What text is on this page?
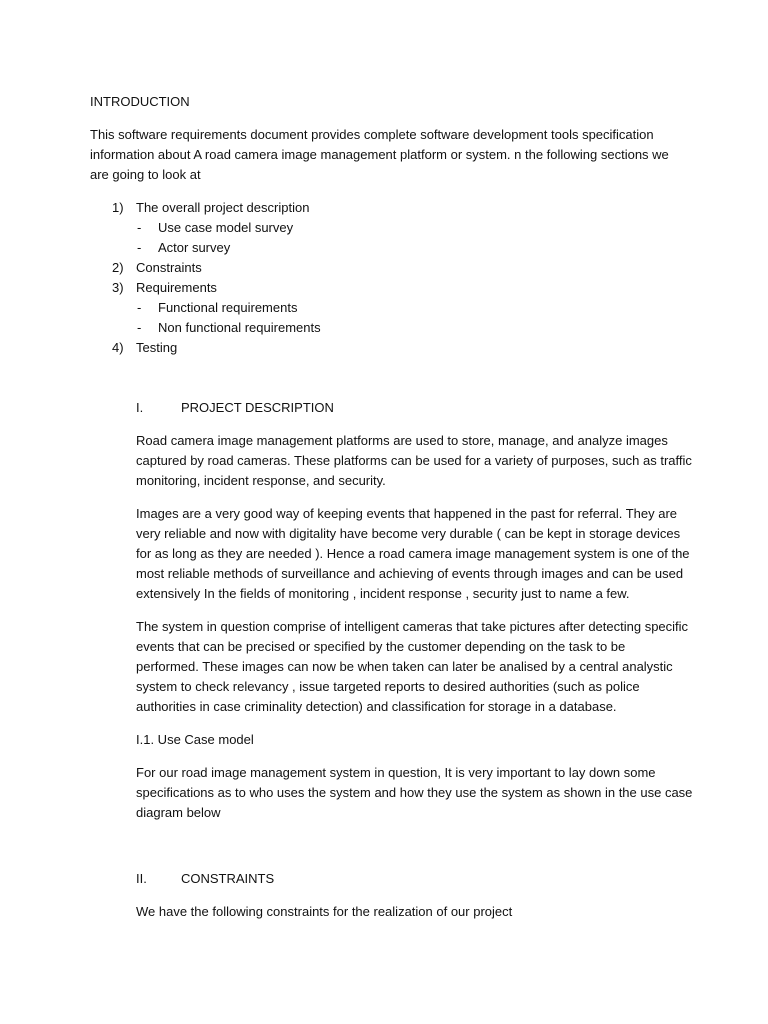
INTRODUCTION
This software requirements document provides complete software development tools specification
information about A road camera image management platform or system. n the following sections we
are going to look at
1) The overall project description
- Use case model survey
- Actor survey
2) Constraints
3) Requirements
- Functional requirements
- Non functional requirements
4) Testing
I.	PROJECT DESCRIPTION
Road camera image management platforms are used to store, manage, and analyze images
captured by road cameras. These platforms can be used for a variety of purposes, such as traffic
monitoring, incident response, and security.
Images are a very good way of keeping events that happened in the past for referral. They are
very reliable and now with digitality have become very durable ( can be kept in storage devices
for as long as they are needed ). Hence a road camera image management system is one of the
most reliable methods of surveillance and achieving of events through images and can be used
extensively In the fields of monitoring , incident response , security just to name a few.
The system in question comprise of intelligent cameras that take pictures after detecting specific
events that can be precised or specified by the customer depending on the task to be
performed. These images can now be when taken can later be analised by a central analystic
system to check relevancy , issue targeted reports to desired authorities (such as police
authorities in case criminality detection) and classification for storage in a database.
I.1. Use Case model
For our road image management system in question, It is very important to lay down some
specifications as to who uses the system and how they use the system as shown in the use case
diagram below
II.	CONSTRAINTS
We have the following constraints for the realization of our project
